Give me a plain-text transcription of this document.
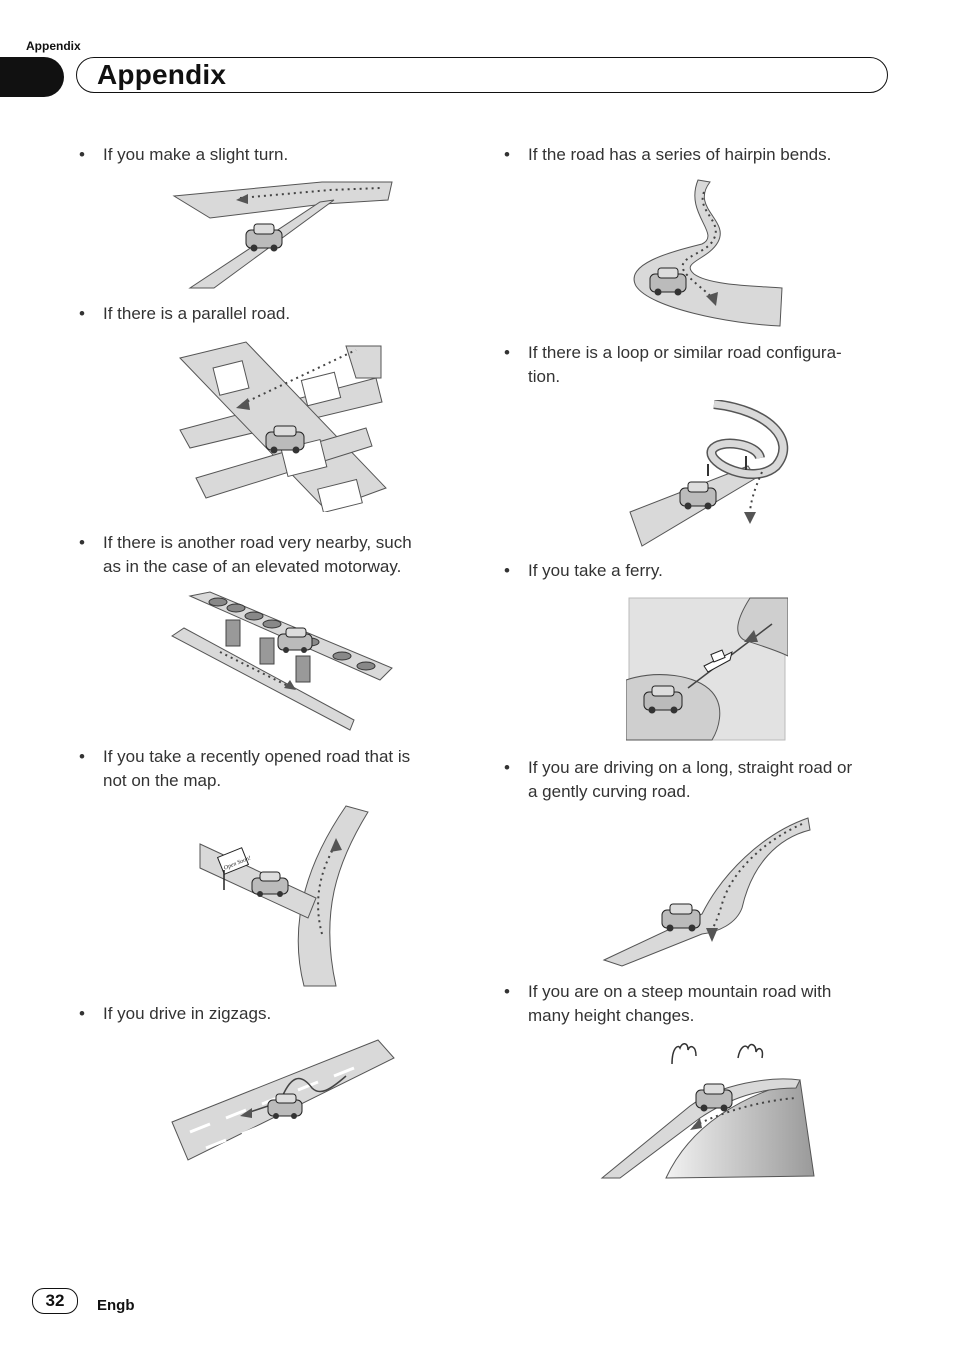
Appendix
Appendix
• If you make a slight turn.
• If there is a parallel road.
• If there is another road very nearby, such
as in the case of an elevated motorway.
• If you take a recently opened road that is
not on the map.
Open Soon!
• If you drive in zigzags.
• If the road has a series of hairpin bends.
• If there is a loop or similar road configura-
tion.
• If you take a ferry.
• If you are driving on a long, straight road or
a gently curving road.
• If you are on a steep mountain road with
many height changes.
32	Engb
